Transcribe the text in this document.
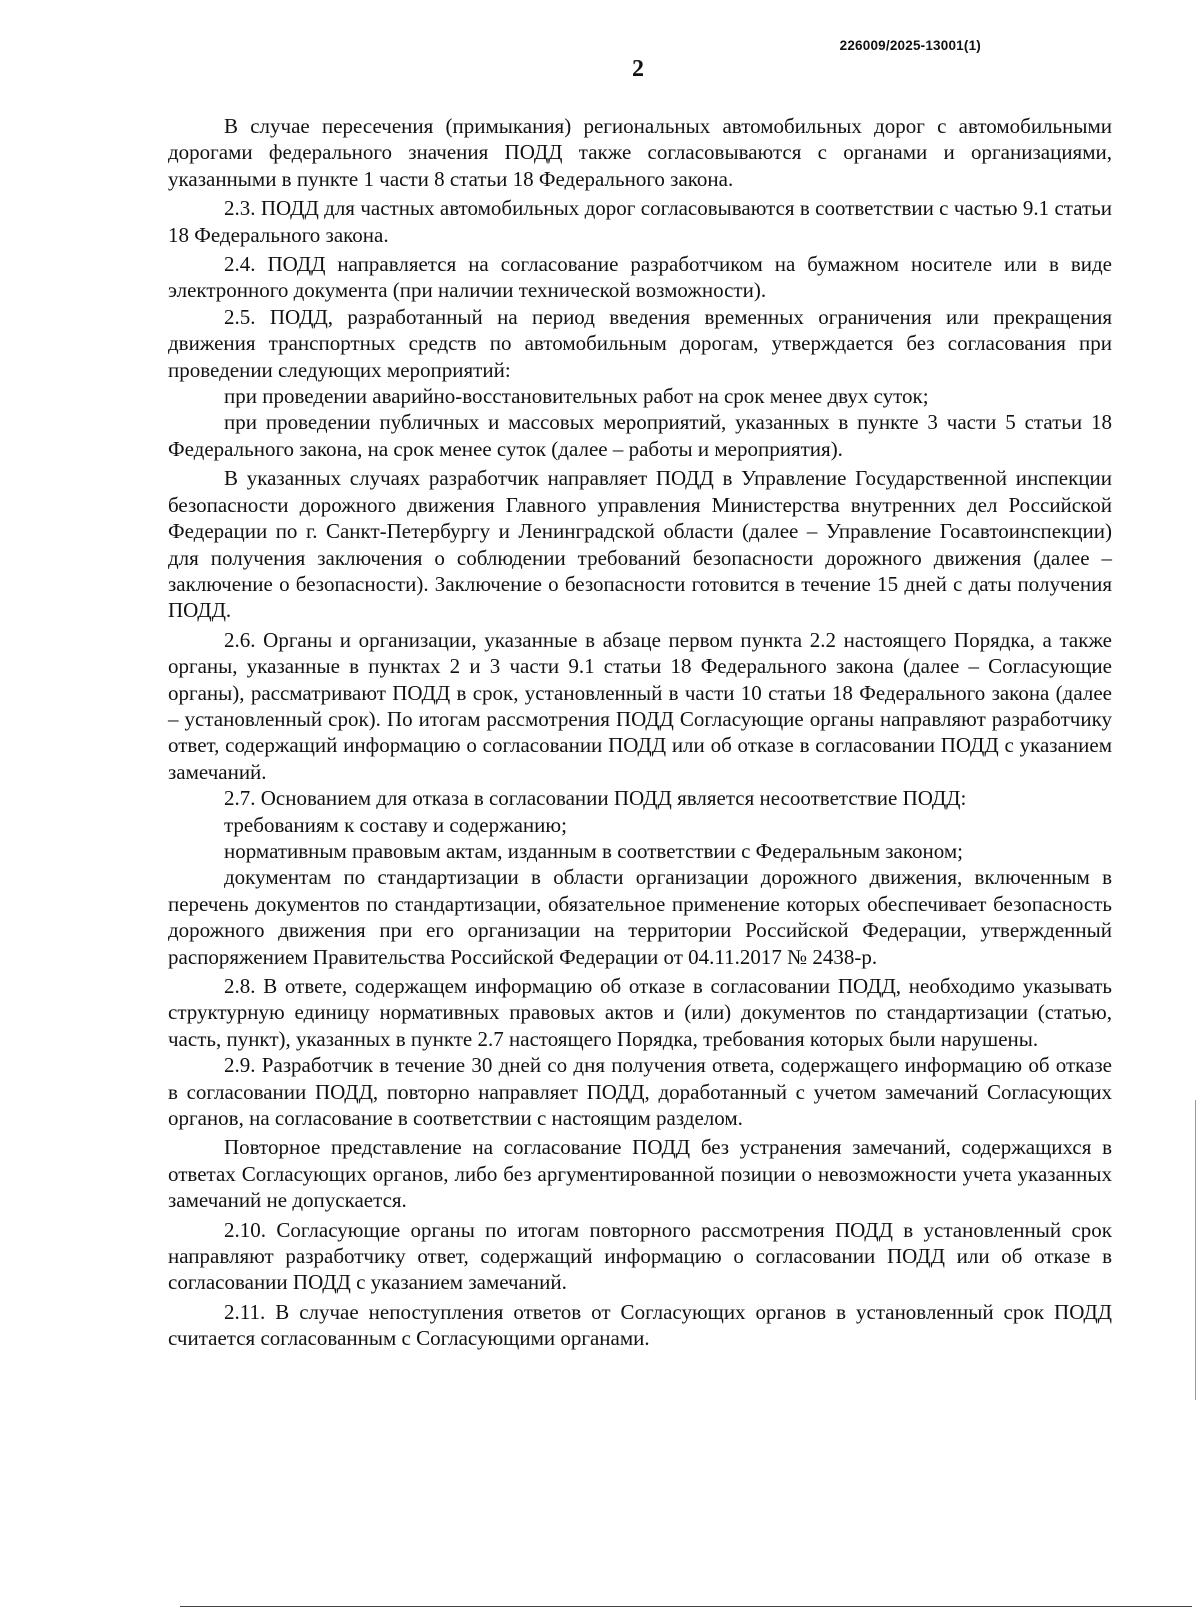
226009/2025-13001(1)
2

В случае пересечения (примыкания) региональных автомобильных дорог с автомобильными дорогами федерального значения ПОДД также согласовываются с органами и организациями, указанными в пункте 1 части 8 статьи 18 Федерального закона.

2.3. ПОДД для частных автомобильных дорог согласовываются в соответствии с частью 9.1 статьи 18 Федерального закона.

2.4. ПОДД направляется на согласование разработчиком на бумажном носителе или в виде электронного документа (при наличии технической возможности).

2.5. ПОДД, разработанный на период введения временных ограничения или прекращения движения транспортных средств по автомобильным дорогам, утверждается без согласования при проведении следующих мероприятий:

при проведении аварийно-восстановительных работ на срок менее двух суток;

при проведении публичных и массовых мероприятий, указанных в пункте 3 части 5 статьи 18 Федерального закона, на срок менее суток (далее – работы и мероприятия).

В указанных случаях разработчик направляет ПОДД в Управление Государственной инспекции безопасности дорожного движения Главного управления Министерства внутренних дел Российской Федерации по г. Санкт-Петербургу и Ленинградской области (далее – Управление Госавтоинспекции) для получения заключения о соблюдении требований безопасности дорожного движения (далее – заключение о безопасности). Заключение о безопасности готовится в течение 15 дней с даты получения ПОДД.

2.6. Органы и организации, указанные в абзаце первом пункта 2.2 настоящего Порядка, а также органы, указанные в пунктах 2 и 3 части 9.1 статьи 18 Федерального закона (далее – Согласующие органы), рассматривают ПОДД в срок, установленный в части 10 статьи 18 Федерального закона (далее – установленный срок). По итогам рассмотрения ПОДД Согласующие органы направляют разработчику ответ, содержащий информацию о согласовании ПОДД или об отказе в согласовании ПОДД с указанием замечаний.

2.7. Основанием для отказа в согласовании ПОДД является несоответствие ПОДД:

требованиям к составу и содержанию;

нормативным правовым актам, изданным в соответствии с Федеральным законом;

документам по стандартизации в области организации дорожного движения, включенным в перечень документов по стандартизации, обязательное применение которых обеспечивает безопасность дорожного движения при его организации на территории Российской Федерации, утвержденный распоряжением Правительства Российской Федерации от 04.11.2017 № 2438-р.

2.8. В ответе, содержащем информацию об отказе в согласовании ПОДД, необходимо указывать структурную единицу нормативных правовых актов и (или) документов по стандартизации (статью, часть, пункт), указанных в пункте 2.7 настоящего Порядка, требования которых были нарушены.

2.9. Разработчик в течение 30 дней со дня получения ответа, содержащего информацию об отказе в согласовании ПОДД, повторно направляет ПОДД, доработанный с учетом замечаний Согласующих органов, на согласование в соответствии с настоящим разделом.

Повторное представление на согласование ПОДД без устранения замечаний, содержащихся в ответах Согласующих органов, либо без аргументированной позиции о невозможности учета указанных замечаний не допускается.

2.10. Согласующие органы по итогам повторного рассмотрения ПОДД в установленный срок направляют разработчику ответ, содержащий информацию о согласовании ПОДД или об отказе в согласовании ПОДД с указанием замечаний.

2.11. В случае непоступления ответов от Согласующих органов в установленный срок ПОДД считается согласованным с Согласующими органами.
